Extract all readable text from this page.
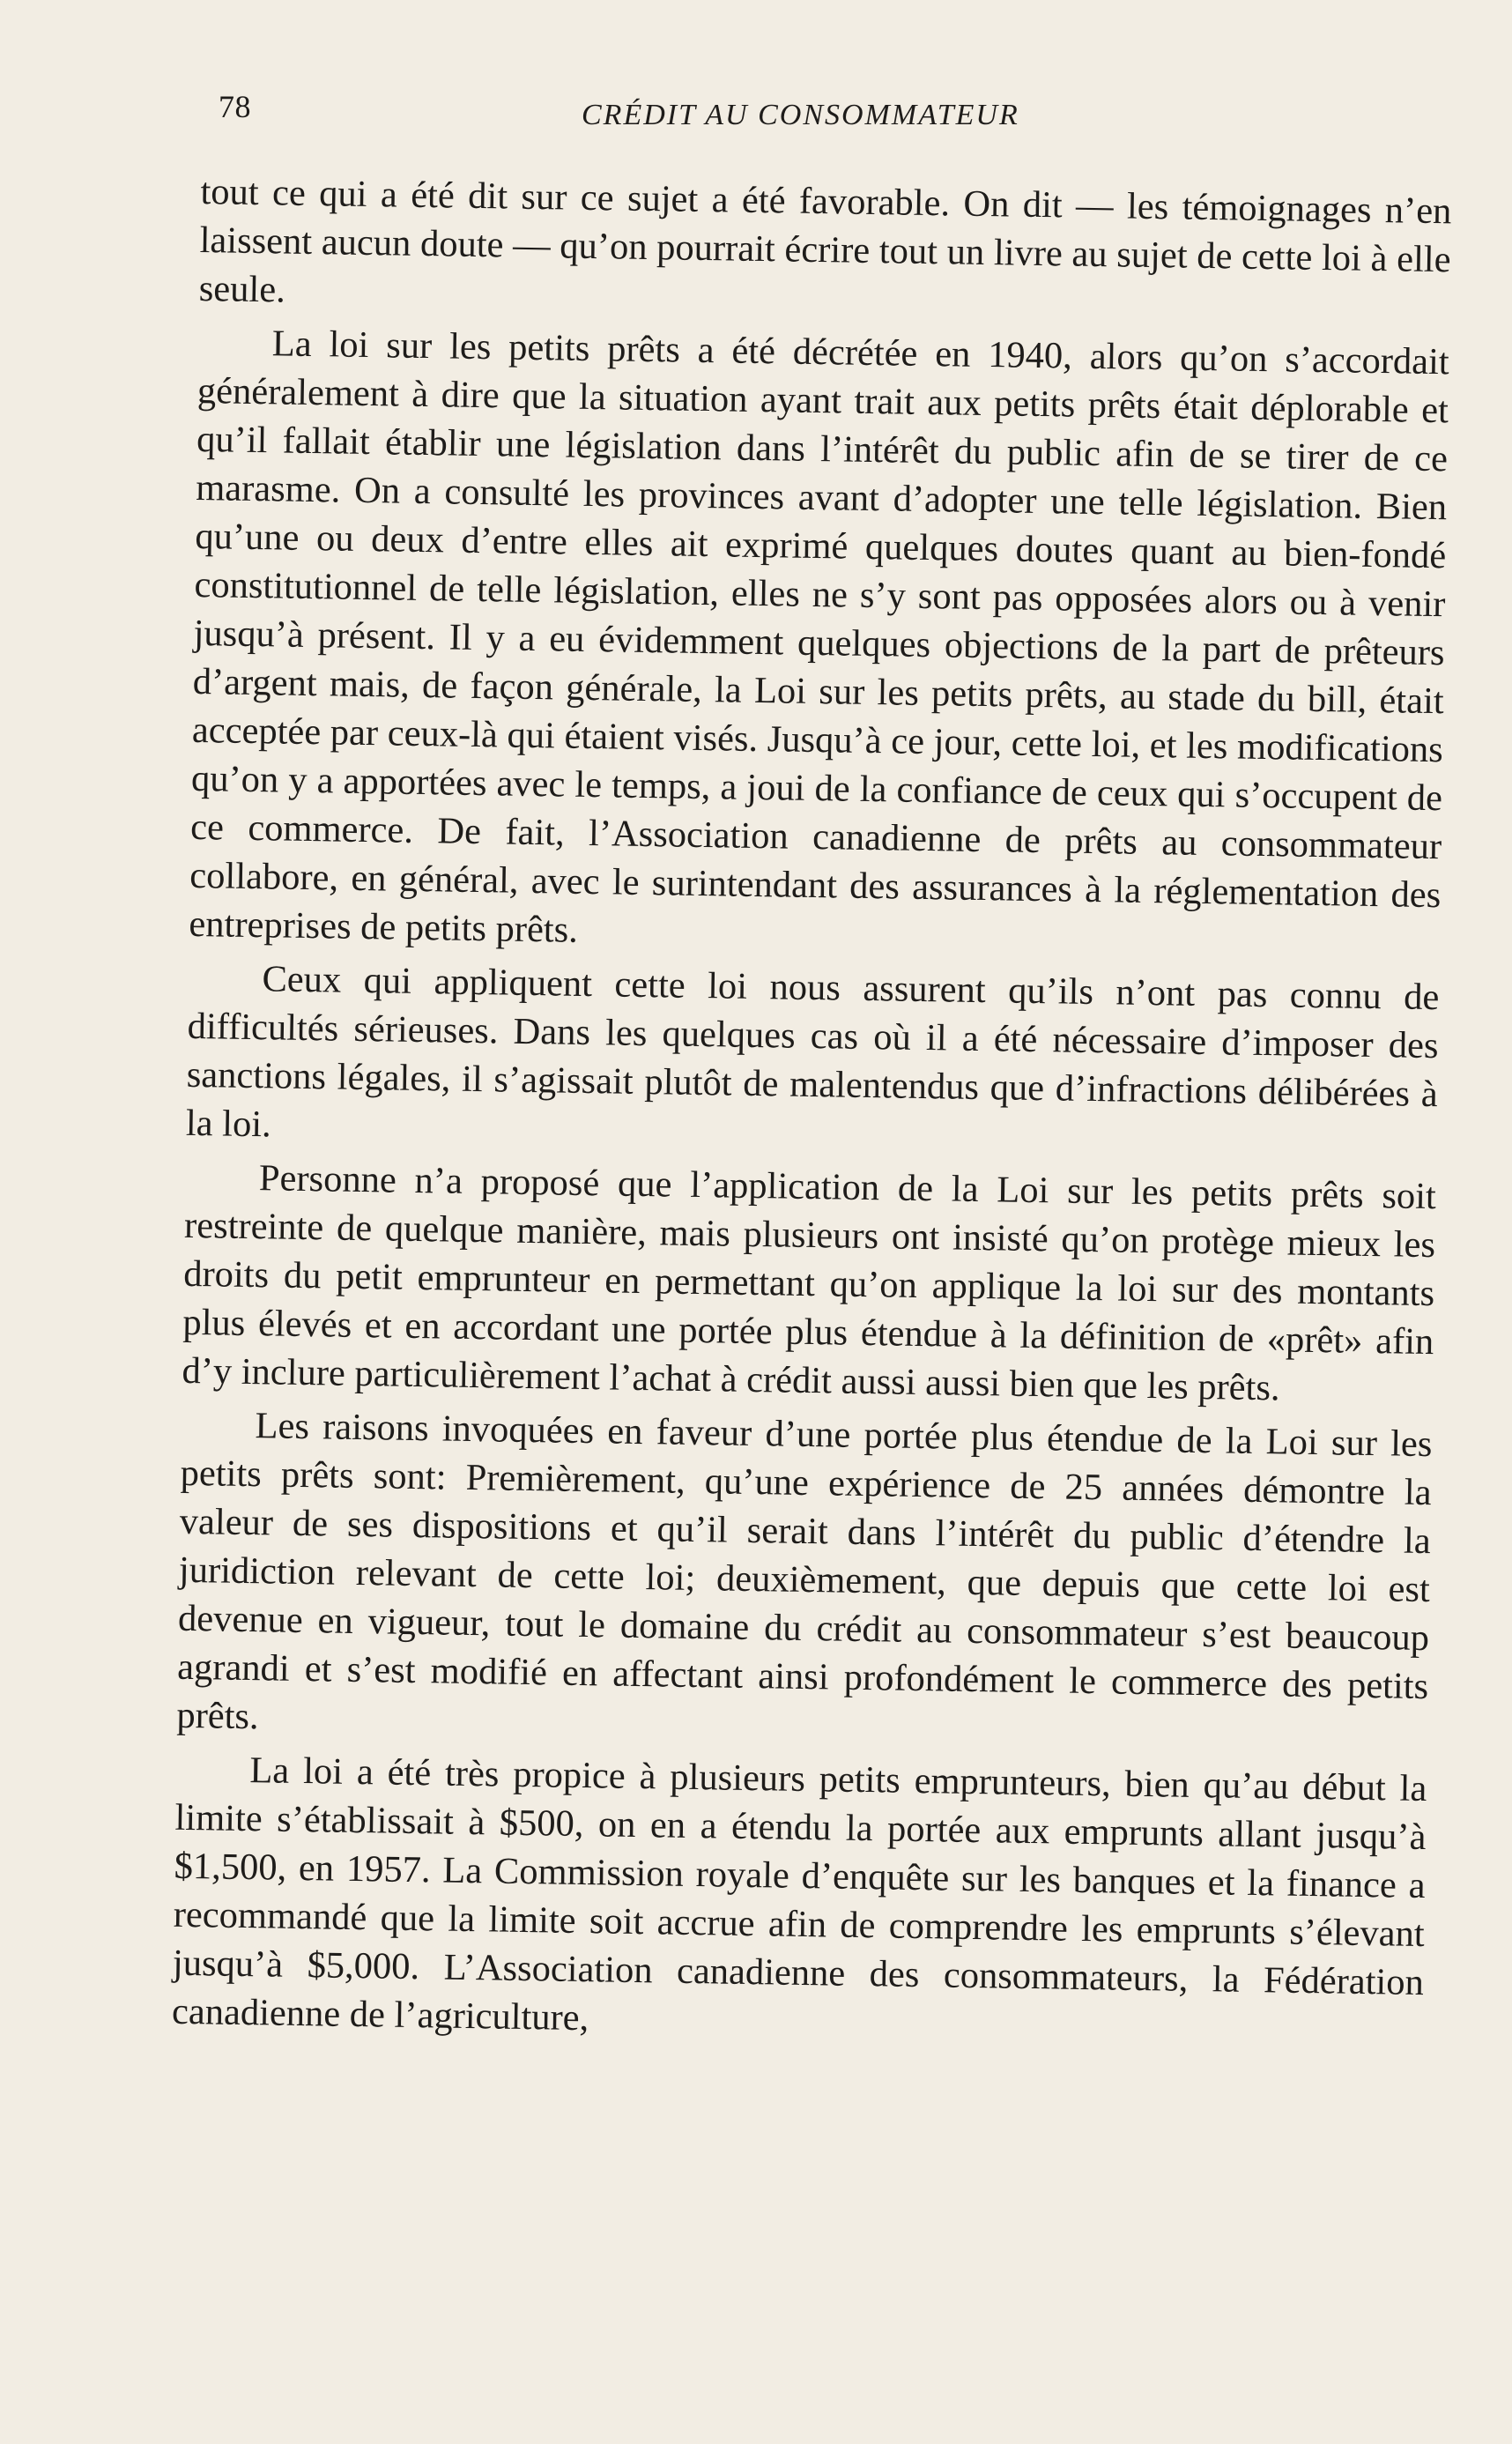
78	CRÉDIT AU CONSOMMATEUR

tout ce qui a été dit sur ce sujet a été favorable. On dit — les témoignages n’en laissent aucun doute — qu’on pourrait écrire tout un livre au sujet de cette loi à elle seule.

La loi sur les petits prêts a été décrétée en 1940, alors qu’on s’accordait généralement à dire que la situation ayant trait aux petits prêts était déplorable et qu’il fallait établir une législation dans l’intérêt du public afin de se tirer de ce marasme. On a consulté les provinces avant d’adopter une telle législation. Bien qu’une ou deux d’entre elles ait exprimé quelques doutes quant au bien-fondé constitutionnel de telle législation, elles ne s’y sont pas opposées alors ou à venir jusqu’à présent. Il y a eu évidemment quelques objections de la part de prêteurs d’argent mais, de façon générale, la Loi sur les petits prêts, au stade du bill, était acceptée par ceux-là qui étaient visés. Jusqu’à ce jour, cette loi, et les modifications qu’on y a apportées avec le temps, a joui de la confiance de ceux qui s’occupent de ce commerce. De fait, l’Association canadienne de prêts au consommateur collabore, en général, avec le surintendant des assurances à la réglementation des entreprises de petits prêts.

Ceux qui appliquent cette loi nous assurent qu’ils n’ont pas connu de difficultés sérieuses. Dans les quelques cas où il a été nécessaire d’imposer des sanctions légales, il s’agissait plutôt de malentendus que d’infractions délibérées à la loi.

Personne n’a proposé que l’application de la Loi sur les petits prêts soit restreinte de quelque manière, mais plusieurs ont insisté qu’on protège mieux les droits du petit emprunteur en permettant qu’on applique la loi sur des montants plus élevés et en accordant une portée plus étendue à la définition de «prêt» afin d’y inclure particulièrement l’achat à crédit aussi aussi bien que les prêts.

Les raisons invoquées en faveur d’une portée plus étendue de la Loi sur les petits prêts sont: Premièrement, qu’une expérience de 25 années démontre la valeur de ses dispositions et qu’il serait dans l’intérêt du public d’étendre la juridiction relevant de cette loi; deuxièmement, que depuis que cette loi est devenue en vigueur, tout le domaine du crédit au consommateur s’est beaucoup agrandi et s’est modifié en affectant ainsi profondément le commerce des petits prêts.

La loi a été très propice à plusieurs petits emprunteurs, bien qu’au début la limite s’établissait à $500, on en a étendu la portée aux emprunts allant jusqu’à $1,500, en 1957. La Commission royale d’enquête sur les banques et la finance a recommandé que la limite soit accrue afin de comprendre les emprunts s’élevant jusqu’à $5,000. L’Association canadienne des consommateurs, la Fédération canadienne de l’agriculture,
